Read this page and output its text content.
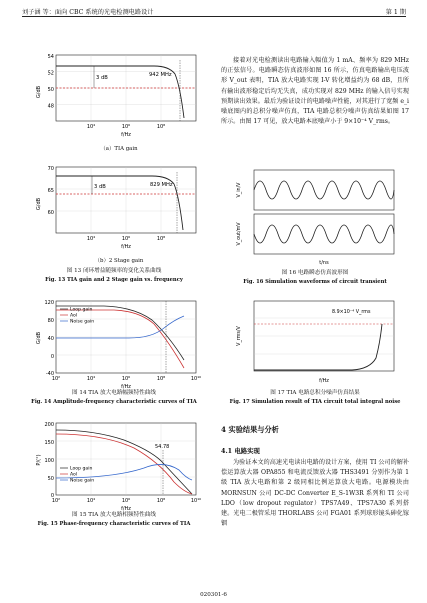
刘子涵 等：面向 CBC 系统的光电检测电路设计	第 1 期
3 dB	942 MHz
54
52
50
48
10⁴	10⁶	10⁸
f/Hz
G/dB
（a）TIA gain
3 dB	829 MHz
70
65
60
10⁴	10⁶	10⁸
f/Hz
G/dB
（b）2 Stage gain
图 13 闭环增益随频率的变化关系曲线
Fig. 13 TIA gain and 2 Stage gain vs. frequency
Loop gain
Aol
Noise gain
120
80
40
0
-40
10²	10⁴	10⁶	10⁸	10¹⁰
f/Hz
G/dB
图 14 TIA 放大电路幅频特性曲线
Fig. 14 Amplitude-frequency characteristic curves of TIA
54.78
Loop gain
Aol
Noise gain
200
150
100
50
0
10²	10⁴	10⁶	10⁸	10¹⁰
f/Hz
P/(°)
图 15 TIA 放大电路相频特性曲线
Fig. 15 Phase-frequency characteristic curves of TIA
接着对光电检测读出电路输入幅值为 1 mA、频率为 829 MHz 的正弦信号。电路瞬态仿真波形如图 16 所示，仿真电路输出电压波形 V_out 表明，TIA 放大电路实现 I-V 转化增益约为 68 dB，且所有输出波形稳定后均无失真，成功实现对 829 MHz 的输入信号实现预期读出效果。最后为验证设计的电路噪声性能，对其进行了宽频 e_i 噪底图内的总积分噪声仿真，TIA 电路总积分噪声仿真结果如图 17 所示。由图 17 可见，放大电路本底噪声小于 9×10⁻⁴ V_rms。
V_in/V
V_out/mV
t/ns
图 16 电路瞬态仿真波形图
Fig. 16 Simulation waveforms of circuit transient
8.9×10⁻⁴ V_rms
V_rms/V
f/Hz
图 17 TIA 电路总积分噪声仿真结果
Fig. 17 Simulation result of TIA circuit total integral noise
4 实验结果与分析
4.1 电路实现
为验证本文的高速光电读出电路的设计方案，使用 TI 公司的解补偿运算放大器 OPA855 和电流反馈放大器 THS3491 分别作为第 1 级 TIA 放大电路和第 2 级同相比例运算放大电路。电源模块由 MORNSUN 公司 DC-DC Converter E_S-1W3R 系列和 TI 公司 LDO（low dropout regulator）TPS7A49、TPS7A30 系列搭建。光电二极管采用 THORLABS 公司 FGA01 系列球形镜头砷化镓铟
020301-6
